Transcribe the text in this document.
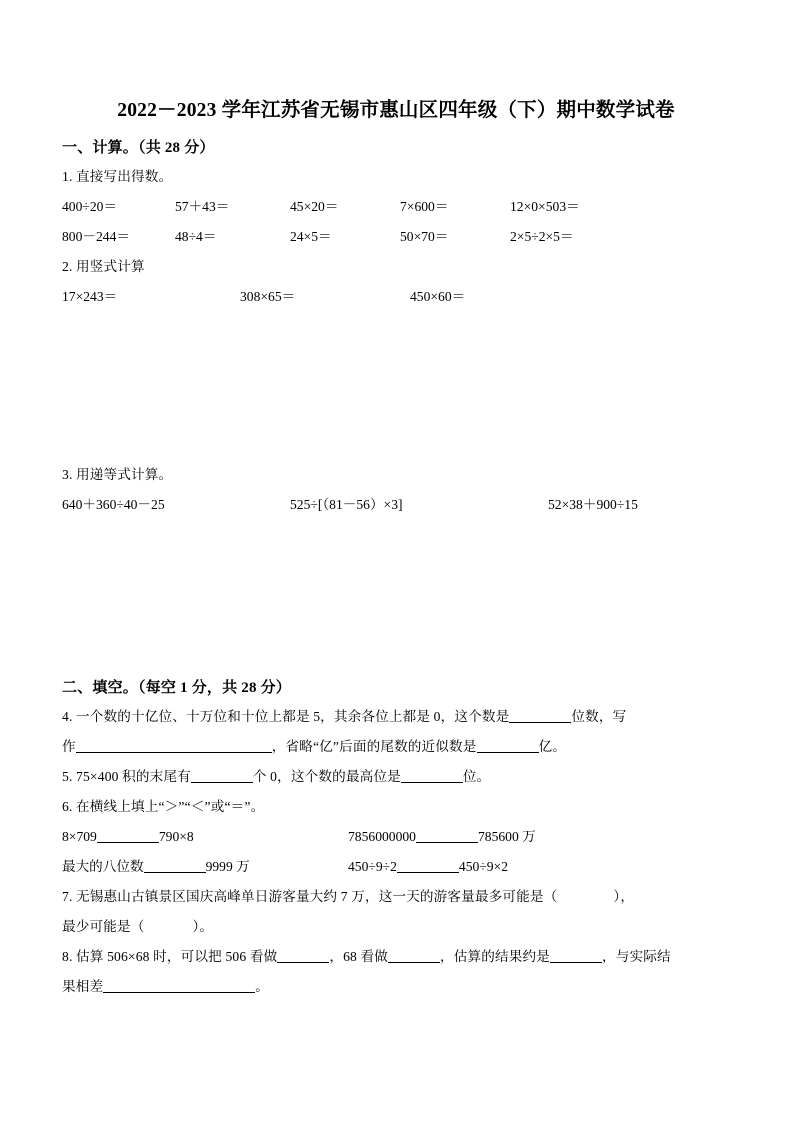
2022－2023 学年江苏省无锡市惠山区四年级（下）期中数学试卷
一、计算。（共 28 分）
1. 直接写出得数。
400÷20＝	57＋43＝	45×20＝	7×600＝	12×0×503＝
800－244＝	48÷4＝	24×5＝	50×70＝	2×5÷2×5＝
2. 用竖式计算
17×243＝	308×65＝	450×60＝
3. 用递等式计算。
640＋360÷40－25	525÷[（81－56）×3]	52×38＋900÷15
二、填空。（每空 1 分，共 28 分）
4. 一个数的十亿位、十万位和十位上都是 5，其余各位上都是 0，这个数是	位数，写
作	，省略“亿”后面的尾数的近似数是	亿。
5. 75×400 积的末尾有	个 0，这个数的最高位是	位。
6. 在横线上填上“＞”“＜”或“＝”。
8×709	790×8	7856000000	785600 万
最大的八位数	9999 万	450÷9÷2	450÷9×2
7. 无锡惠山古镇景区国庆高峰单日游客量大约 7 万，这一天的游客量最多可能是（	），
最少可能是（	）。
8. 估算 506×68 时，可以把 506 看做	，68 看做	，估算的结果约是	，与实际结
果相差	。
